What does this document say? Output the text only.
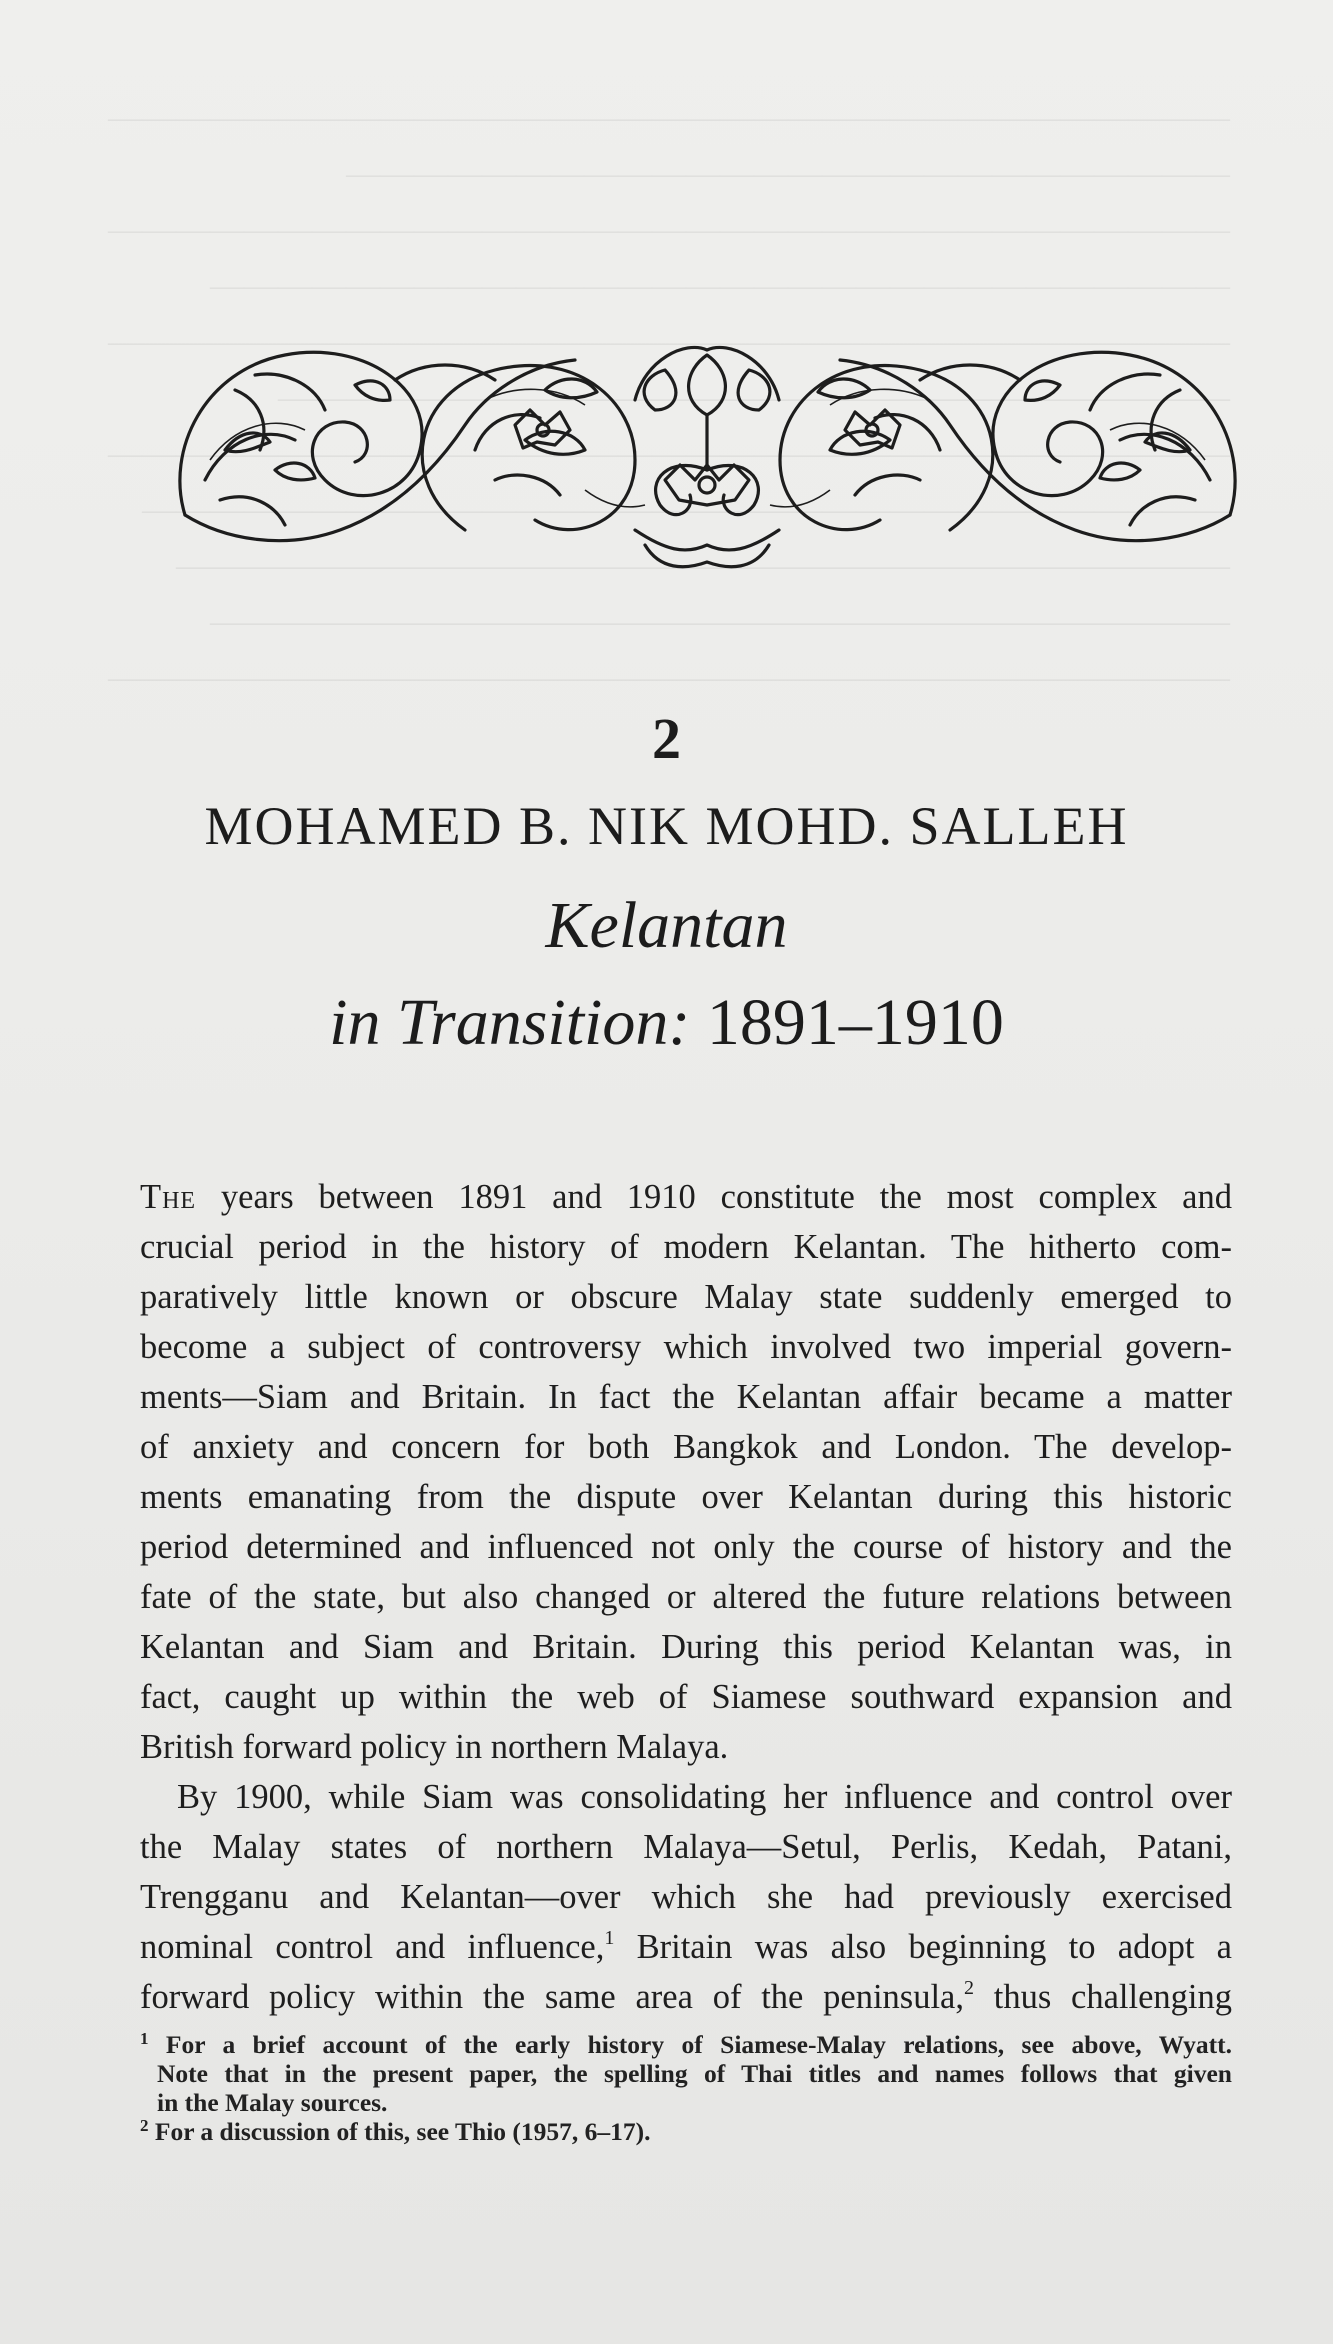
―――――――――――――――――――――――――――――――――
――――――――――――――――――――――――――
―――――――――――――――――――――――――――――――――
――――――――――――――――――――――――――――――
―――――――――――――――――――――――――――――――――
――――――――――――――――――――――――――――
―――――――――――――――――――――――――――――――――
――――――――――――――――――――――――――――――――
―――――――――――――――――――――――――――――――
――――――――――――――――――――――――――――――
―――――――――――――――――――――――――――――――――
2
MOHAMED B. NIK MOHD. SALLEH
Kelantan
in Transition: 1891–1910
The years between 1891 and 1910 constitute the most complex and
crucial period in the history of modern Kelantan. The hitherto com-
paratively little known or obscure Malay state suddenly emerged to
become a subject of controversy which involved two imperial govern-
ments—Siam and Britain. In fact the Kelantan affair became a matter
of anxiety and concern for both Bangkok and London. The develop-
ments emanating from the dispute over Kelantan during this historic
period determined and influenced not only the course of history and the
fate of the state, but also changed or altered the future relations between
Kelantan and Siam and Britain. During this period Kelantan was, in
fact, caught up within the web of Siamese southward expansion and
British forward policy in northern Malaya.
By 1900, while Siam was consolidating her influence and control over
the Malay states of northern Malaya—Setul, Perlis, Kedah, Patani,
Trengganu and Kelantan—over which she had previously exercised
nominal control and influence,$^1$ Britain was also beginning to adopt a
forward policy within the same area of the peninsula,$^2$ thus challenging
$^1$ For a brief account of the early history of Siamese-Malay relations, see above, Wyatt.
Note that in the present paper, the spelling of Thai titles and names follows that given
in the Malay sources.
$^2$ For a discussion of this, see Thio (1957, 6–17).
